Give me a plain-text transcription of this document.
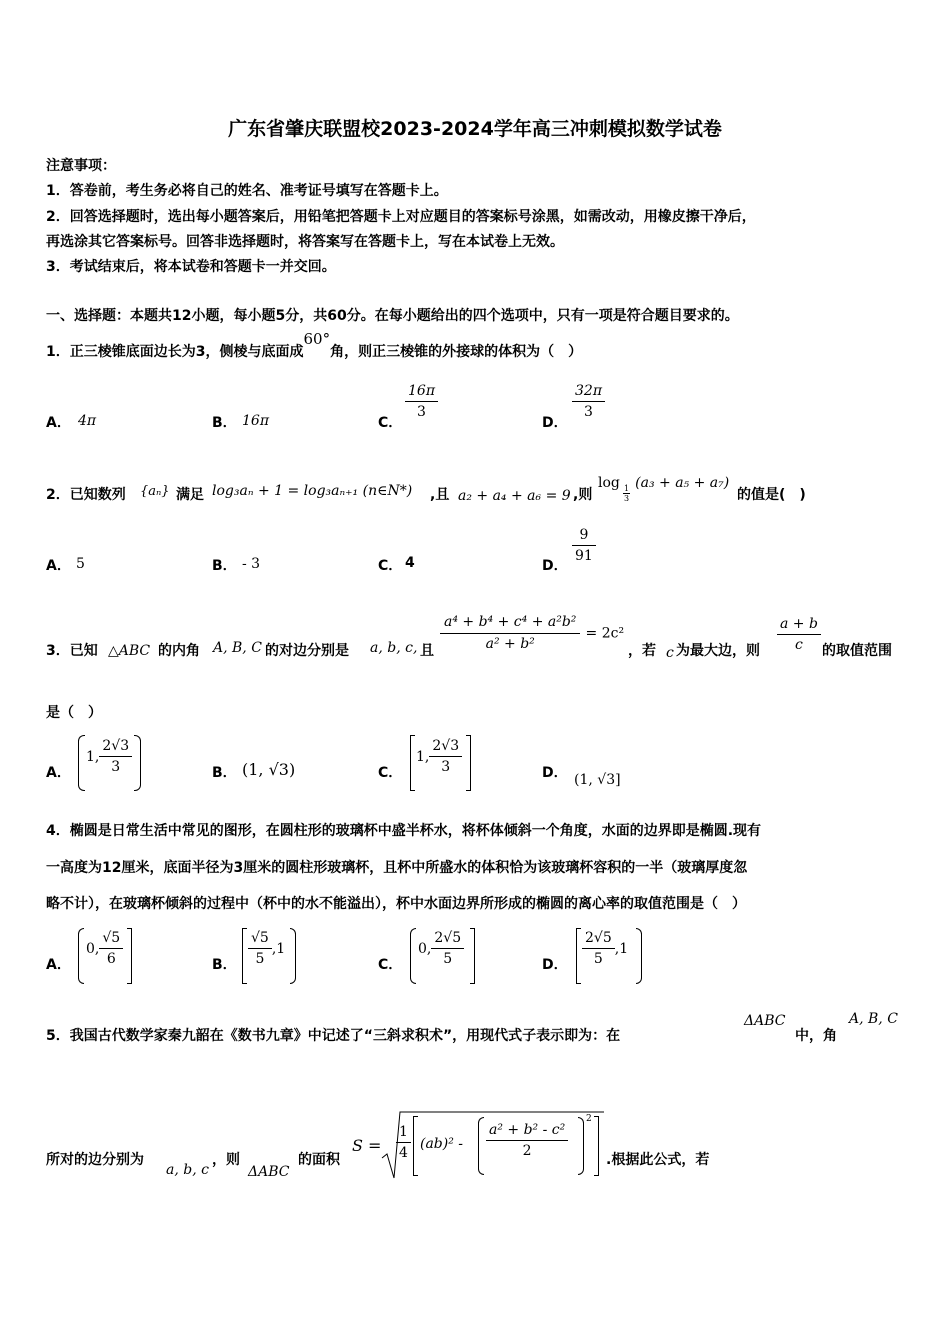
广东省肇庆联盟校2023-2024学年高三冲刺模拟数学试卷
注意事项：
1．答卷前，考生务必将自己的姓名、准考证号填写在答题卡上。
2．回答选择题时，选出每小题答案后，用铅笔把答题卡上对应题目的答案标号涂黑，如需改动，用橡皮擦干净后，
再选涂其它答案标号。回答非选择题时，将答案写在答题卡上，写在本试卷上无效。
3．考试结束后，将本试卷和答题卡一并交回。
一、选择题：本题共12小题，每小题5分，共60分。在每小题给出的四个选项中，只有一项是符合题目要求的。
1．正三棱锥底面边长为3，侧棱与底面成60°角，则正三棱锥的外接球的体积为（　）
A． 4π	B． 16π	C．
$\frac{16\pi}{3}$
D．
$\frac{32\pi}{3}$
2．已知数列 {aₙ} 满足 log₃aₙ + 1 = log₃aₙ₊₁ (n∈N*) ,且 a₂ + a₄ + a₆ = 9 ,则
log
$\frac{1}{3}$
(a₃ + a₅ + a₇)
的值是(　)
A． 5	B． - 3	C． 4	D．
$\frac{9}{91}$
3．已知 △ABC 的内角 A, B, C 的对边分别是 a, b, c, 且 $\frac{\text{a⁴ + b⁴ + c⁴ + a²b²}}{\text{a² + b²}} = 2c^2$
，若 c 为最大边，则 $\frac{a + b}{c}$ 的取值范围
是（　）
A．
1, $\frac{2√3}{3}$	B． (1, √3)	C．
1, $\frac{2√3}{3}$	D． (1, √3]
4．椭圆是日常生活中常见的图形，在圆柱形的玻璃杯中盛半杯水，将杯体倾斜一个角度，水面的边界即是椭圆.现有
一高度为12厘米，底面半径为3厘米的圆柱形玻璃杯，且杯中所盛水的体积恰为该玻璃杯容积的一半（玻璃厚度忽
略不计），在玻璃杯倾斜的过程中（杯中的水不能溢出），杯中水面边界所形成的椭圆的离心率的取值范围是（　）
A．
0, $\frac{√5}{6}$	B． $\frac{√5}{5} ,1$
C．
0, $\frac{2√5}{5}$	D． $\frac{2√5}{5} ,1$
5．我国古代数学家秦九韶在《数书九章》中记述了“三斜求积术”，用现代式子表示即为：在
ΔABC
中，角
A, B, C
所对的边分别为
a, b, c
，则
ΔABC
的面积
$S = \frac{1}{4} (ab)^2 - \frac{\text{a² + b² - c²}}{2}$
2
.根据此公式，若
